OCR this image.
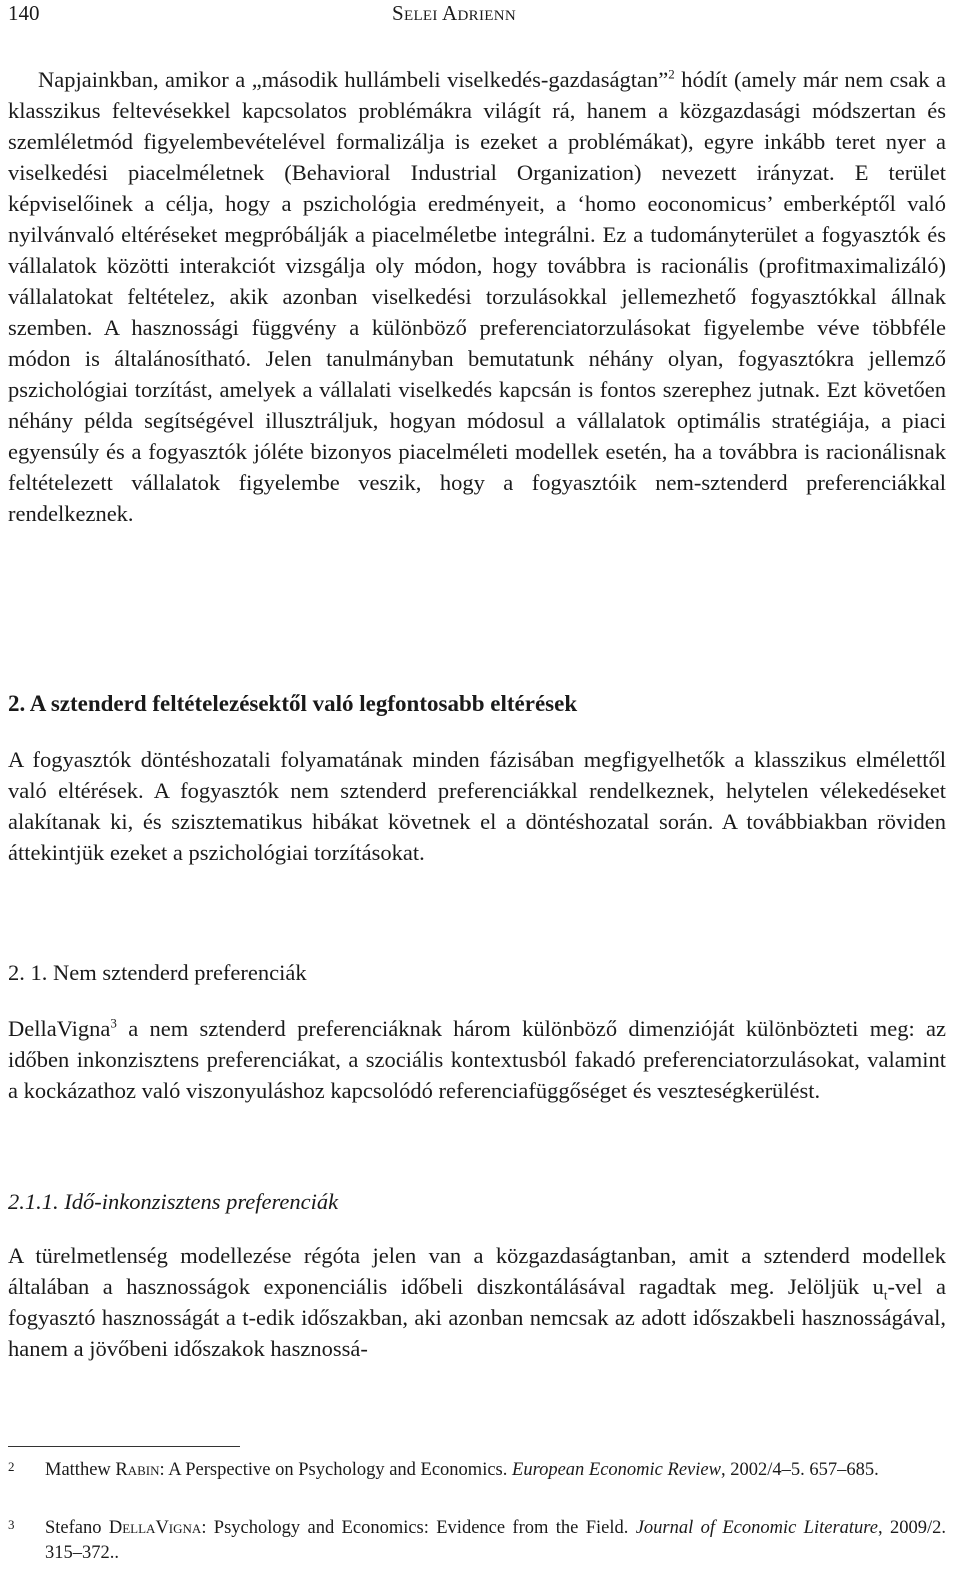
140	Selei Adrienn

Napjainkban, amikor a „második hullámbeli viselkedés-gazdaságtan”$^2$ hódít (amely már nem csak a klasszikus feltevésekkel kapcsolatos problémákra világít rá, hanem a közgazdasági módszertan és szemléletmód figyelembevételével formalizálja is ezeket a problémákat), egyre inkább teret nyer a viselkedési piacelméletnek (Behavioral Industrial Organization) nevezett irányzat. E terület képviselőinek a célja, hogy a pszichológia eredményeit, a ‘homo eoconomicus’ emberképtől való nyilvánvaló eltéréseket megpróbálják a piacelméletbe integrálni. Ez a tudományterület a fogyasztók és vállalatok közötti interakciót vizsgálja oly módon, hogy továbbra is racionális (profitmaximalizáló) vállalatokat feltételez, akik azonban viselkedési torzulásokkal jellemezhető fogyasztókkal állnak szemben. A hasznossági függvény a különböző preferenciatorzulásokat figyelembe véve többféle módon is általánosítható. Jelen tanulmányban bemutatunk néhány olyan, fogyasztókra jellemző pszichológiai torzítást, amelyek a vállalati viselkedés kapcsán is fontos szerephez jutnak. Ezt követően néhány példa segítségével illusztráljuk, hogyan módosul a vállalatok optimális stratégiája, a piaci egyensúly és a fogyasztók jóléte bizonyos piacelméleti modellek esetén, ha a továbbra is racionálisnak feltételezett vállalatok figyelembe veszik, hogy a fogyasztóik nem-sztenderd preferenciákkal rendelkeznek.

2. A sztenderd feltételezésektől való legfontosabb eltérések

A fogyasztók döntéshozatali folyamatának minden fázisában megfigyelhetők a klasszikus elmélettől való eltérések. A fogyasztók nem sztenderd preferenciákkal rendelkeznek, helytelen vélekedéseket alakítanak ki, és szisztematikus hibákat követnek el a döntéshozatal során. A továbbiakban röviden áttekintjük ezeket a pszichológiai torzításokat.

2. 1. Nem sztenderd preferenciák

DellaVigna$^3$ a nem sztenderd preferenciáknak három különböző dimenzióját különbözteti meg: az időben inkonzisztens preferenciákat, a szociális kontextusból fakadó preferenciatorzulásokat, valamint a kockázathoz való viszonyuláshoz kapcsolódó referenciafüggőséget és veszteségkerülést.

2.1.1. Idő-inkonzisztens preferenciák

A türelmetlenség modellezése régóta jelen van a közgazdaságtanban, amit a sztenderd modellek általában a hasznosságok exponenciális időbeli diszkontálásával ragadtak meg. Jelöljük $u_t$-vel a fogyasztó hasznosságát a t-edik időszakban, aki azonban nemcsak az adott időszakbeli hasznosságával, hanem a jövőbeni időszakok hasznossá-

2 Matthew Rabin: A Perspective on Psychology and Economics. European Economic Review, 2002/4–5. 657–685.
3 Stefano DellaVigna: Psychology and Economics: Evidence from the Field. Journal of Economic Literature, 2009/2. 315–372..
